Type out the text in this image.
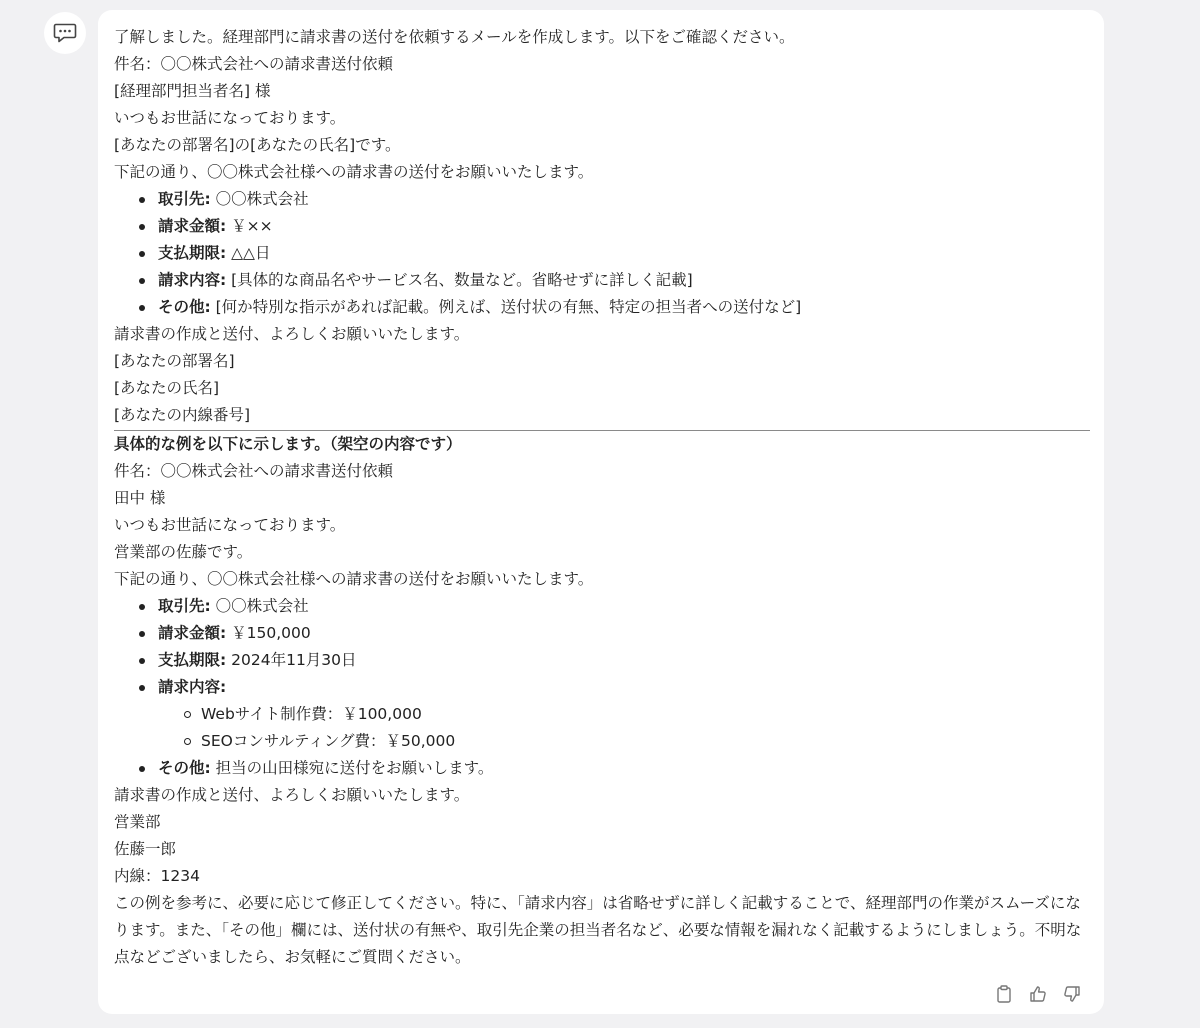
了解しました。経理部門に請求書の送付を依頼するメールを作成します。以下をご確認ください。

件名：〇〇株式会社への請求書送付依頼

[経理部門担当者名] 様

いつもお世話になっております。

[あなたの部署名]の[あなたの氏名]です。

下記の通り、〇〇株式会社様への請求書の送付をお願いいたします。

取引先: 〇〇株式会社
請求金額: ￥××
支払期限: △△日
請求内容: [具体的な商品名やサービス名、数量など。省略せずに詳しく記載]
その他: [何か特別な指示があれば記載。例えば、送付状の有無、特定の担当者への送付など]

請求書の作成と送付、よろしくお願いいたします。

[あなたの部署名]

[あなたの氏名]

[あなたの内線番号]

具体的な例を以下に示します。（架空の内容です）

件名：〇〇株式会社への請求書送付依頼

田中 様

いつもお世話になっております。

営業部の佐藤です。

下記の通り、〇〇株式会社様への請求書の送付をお願いいたします。

取引先: 〇〇株式会社
請求金額: ￥150,000
支払期限: 2024年11月30日
請求内容:
Webサイト制作費：￥100,000
SEOコンサルティング費：￥50,000
その他: 担当の山田様宛に送付をお願いします。

請求書の作成と送付、よろしくお願いいたします。

営業部

佐藤一郎

内線：1234

この例を参考に、必要に応じて修正してください。特に、「請求内容」は省略せずに詳しく記載することで、経理部門の作業がスムーズになります。また、「その他」欄には、送付状の有無や、取引先企業の担当者名など、必要な情報を漏れなく記載するようにしましょう。不明な点などございましたら、お気軽にご質問ください。
